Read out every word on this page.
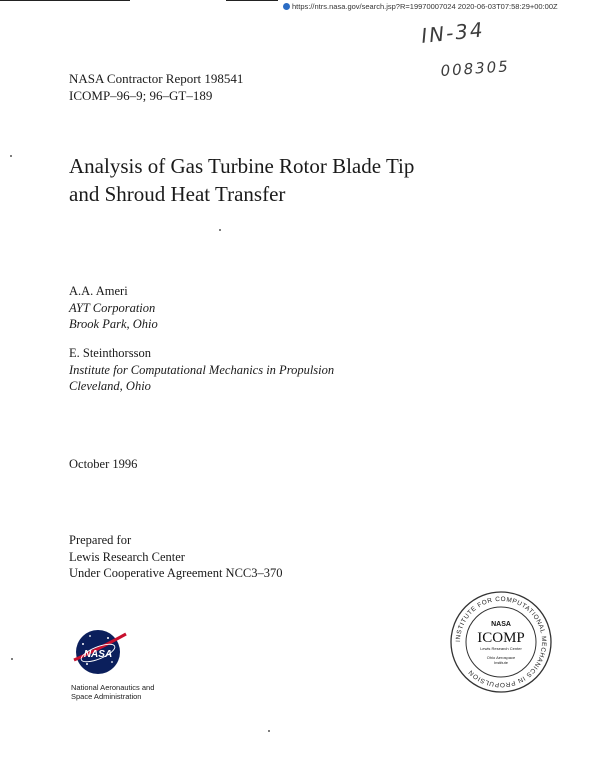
https://ntrs.nasa.gov/search.jsp?R=19970007024 2020-06-03T07:58:29+00:00Z
IN-34
008305
NASA Contractor Report 198541
ICOMP–96–9; 96–GT–189
Analysis of Gas Turbine Rotor Blade Tip
and Shroud Heat Transfer
A.A. Ameri
AYT Corporation
Brook Park, Ohio
E. Steinthorsson
Institute for Computational Mechanics in Propulsion
Cleveland, Ohio
October 1996
Prepared for
Lewis Research Center
Under Cooperative Agreement NCC3–370
NASA
National Aeronautics and
Space Administration
INSTITUTE FOR COMPUTATIONAL MECHANICS IN PROPULSION
NASA
ICOMP
Lewis Research Center
Ohio Aerospace
Institute
